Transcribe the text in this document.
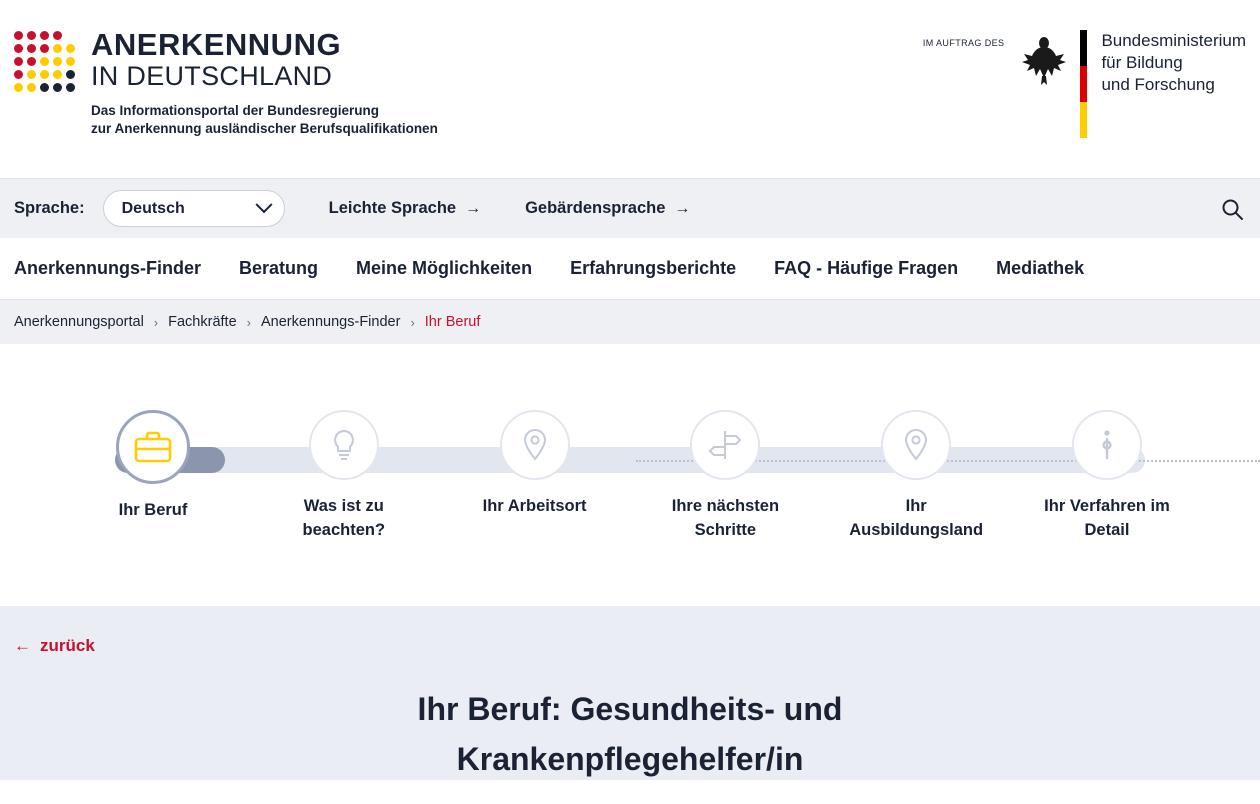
ANERKENNUNG
IN DEUTSCHLAND
Das Informationsportal der Bundesregierung
zur Anerkennung ausländischer Berufsqualifikationen
IM AUFTRAG DES	Bundesministerium
für Bildung
und Forschung
Sprache: Deutsch	Leichte Sprache →	Gebärdensprache →
Anerkennungs-Finder Beratung Meine Möglichkeiten Erfahrungsberichte FAQ - Häufige Fragen Mediathek
Anerkennungsportal › Fachkräfte › Anerkennungs-Finder › Ihr Beruf
Ihr Beruf	Was ist zu beachten?
Ihr Arbeitsort	Ihre nächsten Schritte
Ihr Ausbildungsland
Ihr Verfahren im Detail
← zurück
Ihr Beruf: Gesundheits- und Krankenpflegehelfer/in
